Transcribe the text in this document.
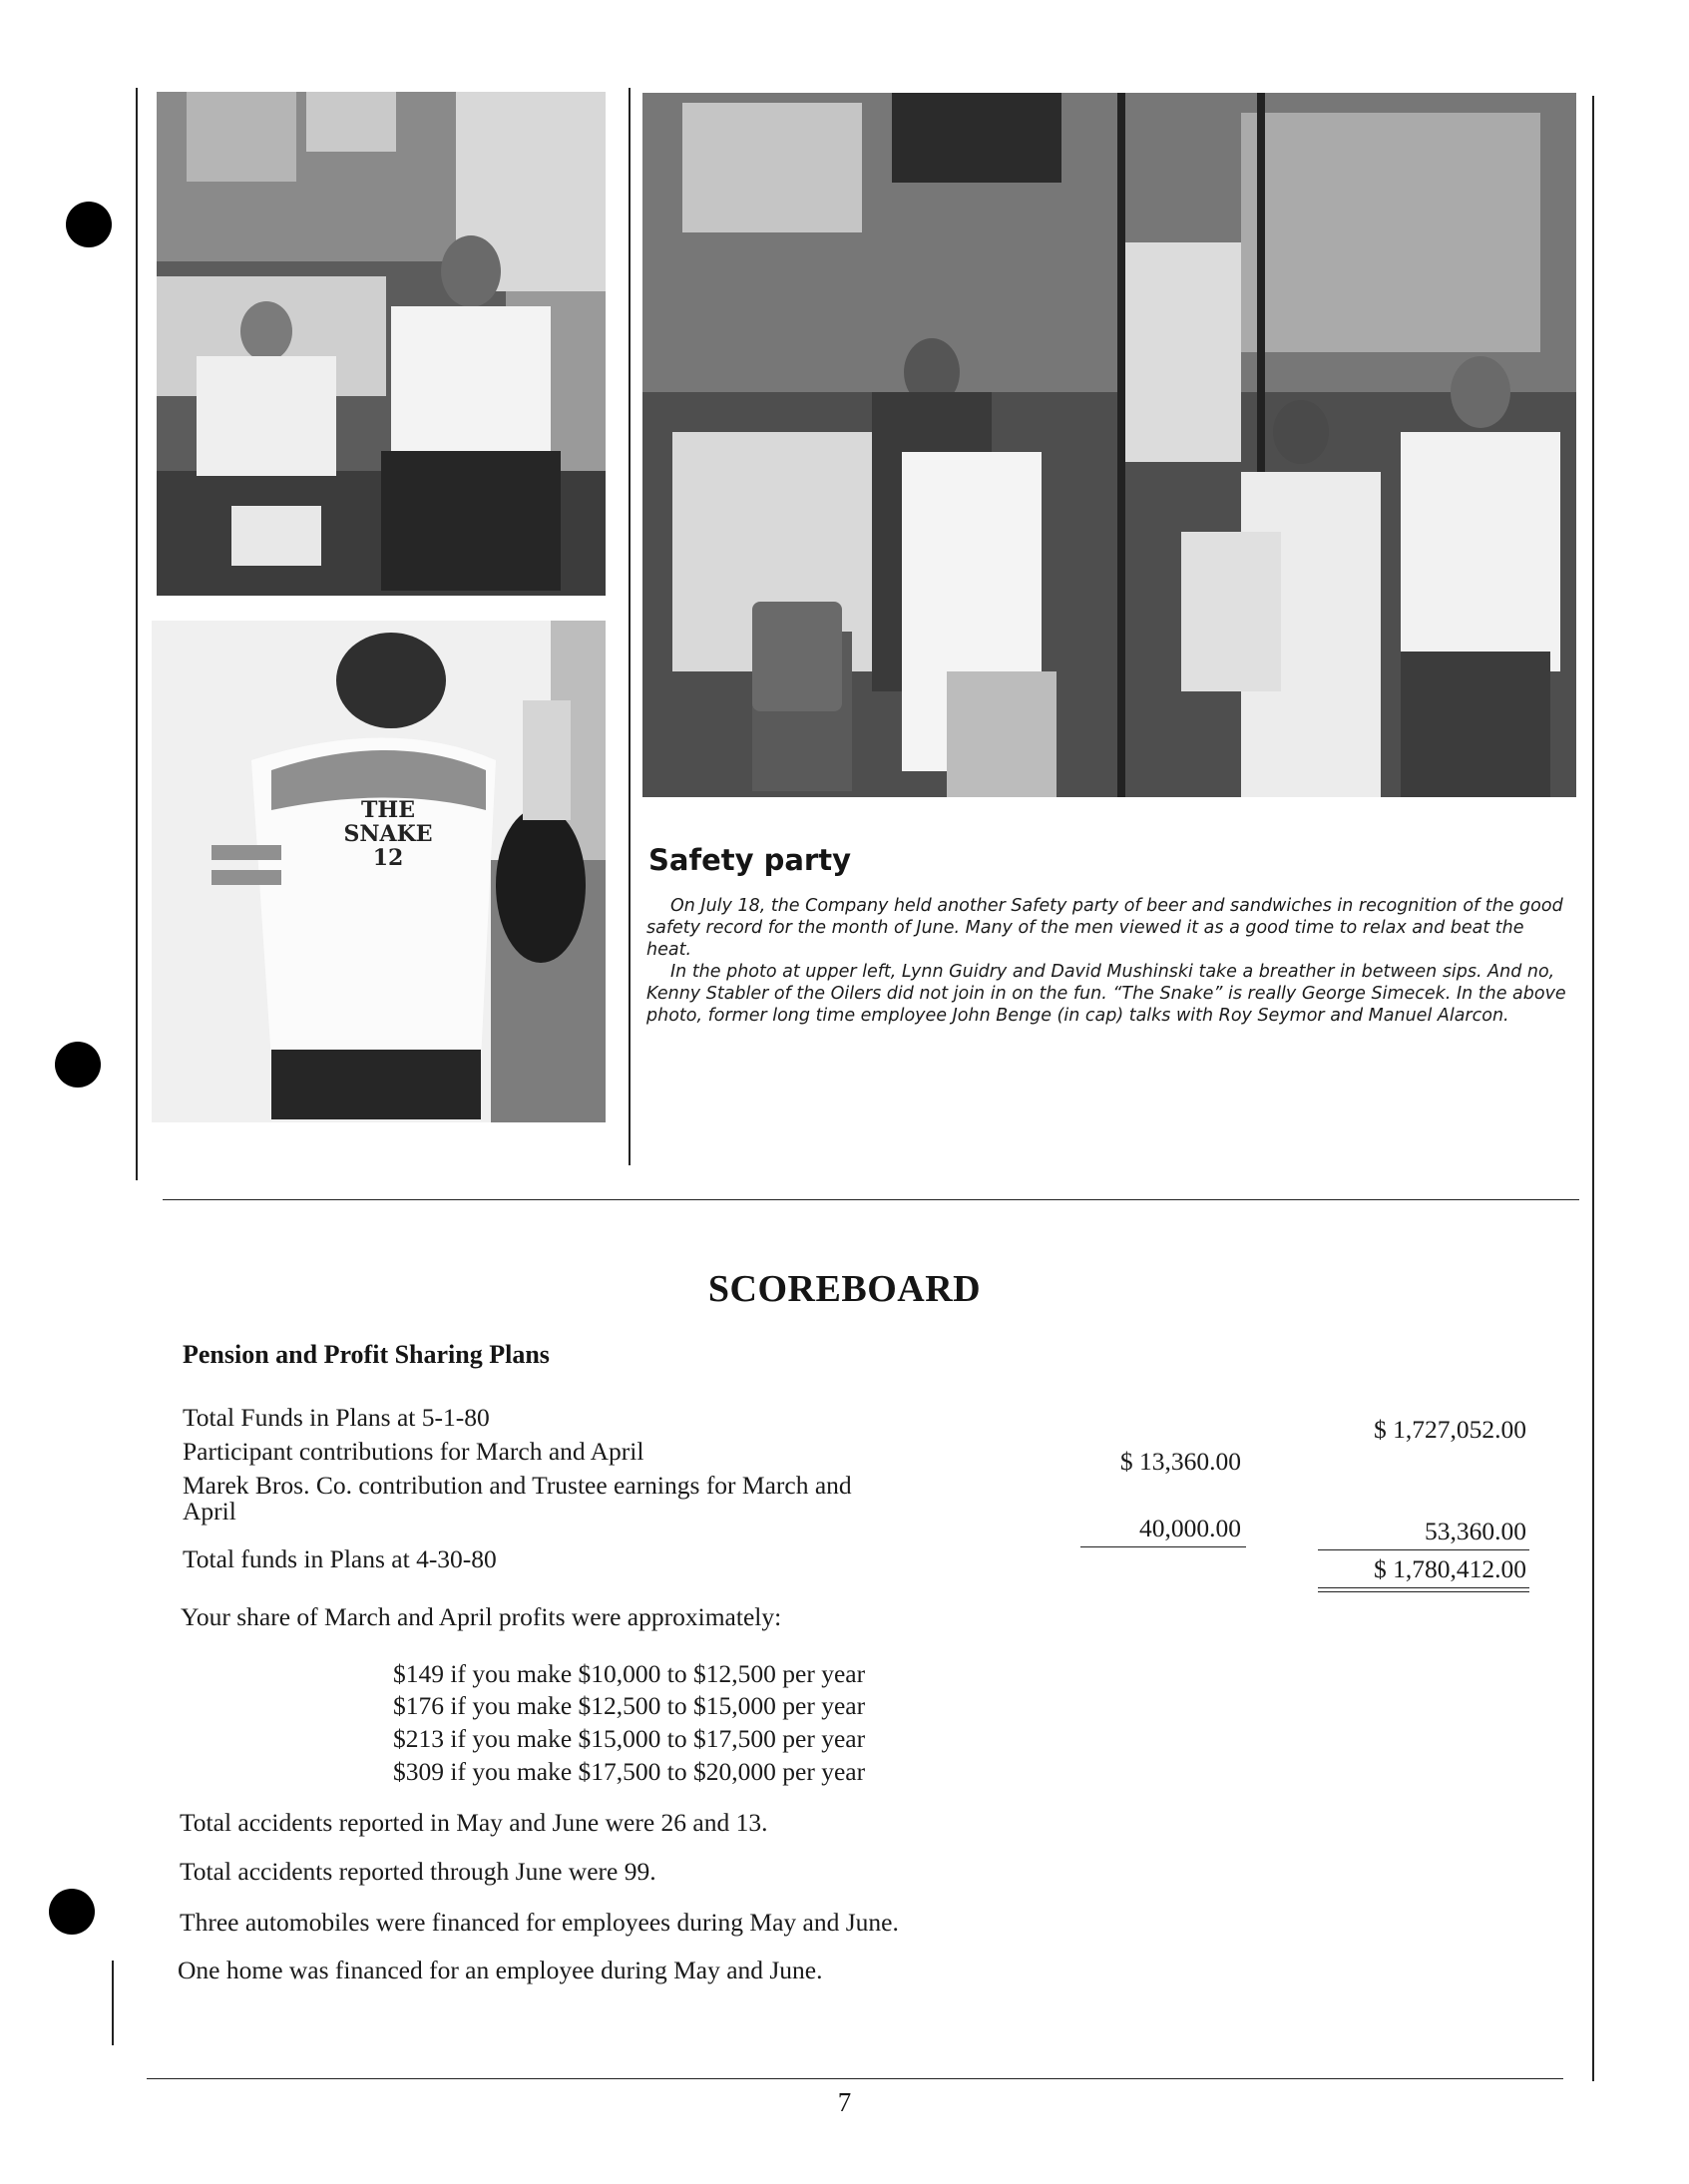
THE
SNAKE
12	Safety party

On July 18, the Company held another Safety party of beer and sandwiches in recognition of the good safety record for the month of June. Many of the men viewed it as a good time to relax and beat the heat.

In the photo at upper left, Lynn Guidry and David Mushinski take a breather in between sips. And no, Kenny Stabler of the Oilers did not join in on the fun. “The Snake” is really George Simecek. In the above photo, former long time employee John Benge (in cap) talks with Roy Seymor and Manuel Alarcon.

SCOREBOARD
Pension and Profit Sharing Plans
Total Funds in Plans at 5-1-80
Participant contributions for March and April
Marek Bros. Co. contribution and Trustee earnings for March and
April
Total funds in Plans at 4-30-80
$ 1,727,052.00
$ 13,360.00
40,000.00	53,360.00
$ 1,780,412.00
Your share of March and April profits were approximately:
$149 if you make $10,000 to $12,500 per year
$176 if you make $12,500 to $15,000 per year
$213 if you make $15,000 to $17,500 per year
$309 if you make $17,500 to $20,000 per year
Total accidents reported in May and June were 26 and 13.
Total accidents reported through June were 99.
Three automobiles were financed for employees during May and June.
One home was financed for an employee during May and June.
7
